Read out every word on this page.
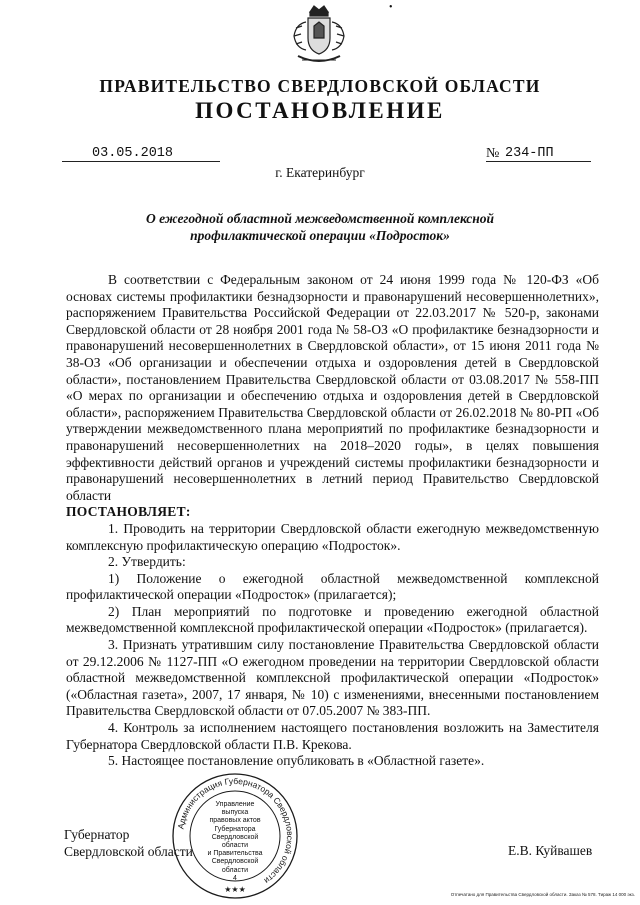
•
ПРАВИТЕЛЬСТВО СВЕРДЛОВСКОЙ ОБЛАСТИ
ПОСТАНОВЛЕНИЕ
03.05.2018	№ 234-ПП
г. Екатеринбург
О ежегодной областной межведомственной комплексной
профилактической операции «Подросток»

В соответствии с Федеральным законом от 24 июня 1999 года № 120-ФЗ «Об основах системы профилактики безнадзорности и правонарушений несовершеннолетних», распоряжением Правительства Российской Федерации от 22.03.2017 № 520-р, законами Свердловской области от 28 ноября 2001 года № 58-ОЗ «О профилактике безнадзорности и правонарушений несовершеннолетних в Свердловской области», от 15 июня 2011 года № 38-ОЗ «Об организации и обеспечении отдыха и оздоровления детей в Свердловской области», постановлением Правительства Свердловской области от 03.08.2017 № 558-ПП «О мерах по организации и обеспечению отдыха и оздоровления детей в Свердловской области», распоряжением Правительства Свердловской области от 26.02.2018 № 80-РП «Об утверждении межведомственного плана мероприятий по профилактике безнадзорности и правонарушений несовершеннолетних на 2018–2020 годы», в целях повышения эффективности действий органов и учреждений системы профилактики безнадзорности и правонарушений несовершеннолетних в летний период Правительство Свердловской области

ПОСТАНОВЛЯЕТ:

1. Проводить на территории Свердловской области ежегодную межведомственную комплексную профилактическую операцию «Подросток».

2. Утвердить:

1) Положение о ежегодной областной межведомственной комплексной профилактической операции «Подросток» (прилагается);

2) План мероприятий по подготовке и проведению ежегодной областной межведомственной комплексной профилактической операции «Подросток» (прилагается).

3. Признать утратившим силу постановление Правительства Свердловской области от 29.12.2006 № 1127-ПП «О ежегодном проведении на территории Свердловской области областной межведомственной комплексной профилактической операции «Подросток» («Областная газета», 2007, 17 января, № 10) с изменениями, внесенными постановлением Правительства Свердловской области от 07.05.2007 № 383-ПП.

4. Контроль за исполнением настоящего постановления возложить на Заместителя Губернатора Свердловской области П.В. Крекова.

5. Настоящее постановление опубликовать в «Областной газете».

Губернатор
Свердловской области	Е.В. Куйвашев
Администрация Губернатора Свердловской области
★★★
Управление
выпуска
правовых актов
Губернатора
Свердловской области
и Правительства
Свердловской
области
4
Отпечатано для Правительства Свердловской области. Заказ № 578. Тираж 14 000 экз.
